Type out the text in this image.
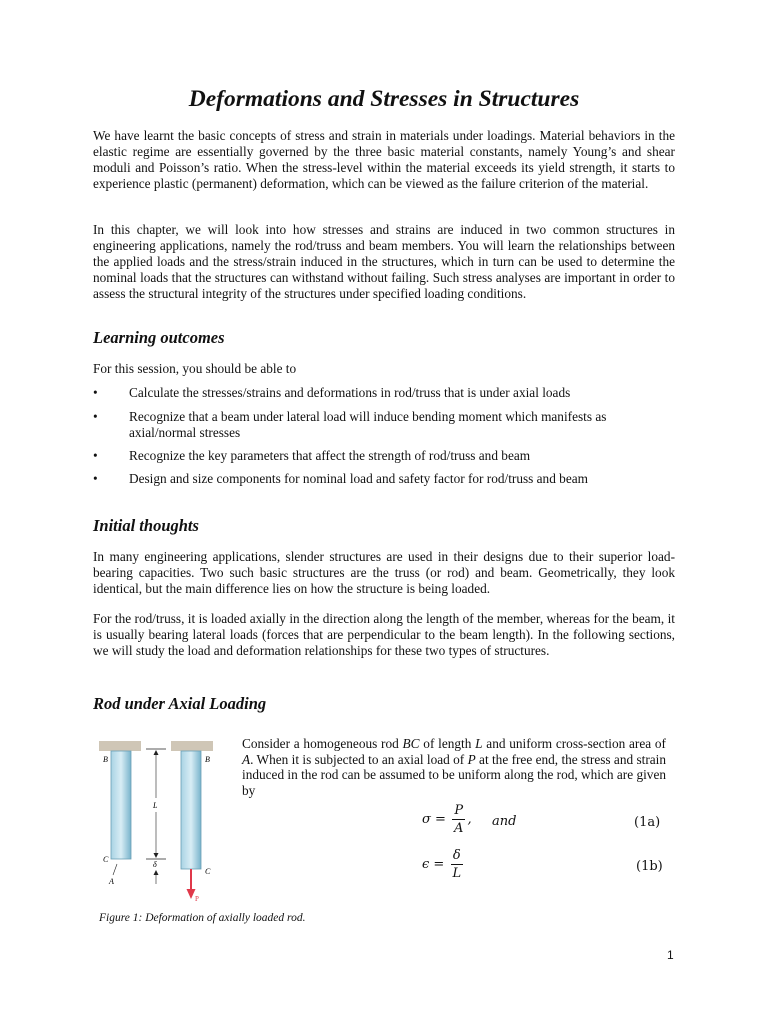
Deformations and Stresses in Structures

We have learnt the basic concepts of stress and strain in materials under loadings. Material behaviors in the elastic regime are essentially governed by the three basic material constants, namely Young’s and shear moduli and Poisson’s ratio. When the stress-level within the material exceeds its yield strength, it starts to experience plastic (permanent) deformation, which can be viewed as the failure criterion of the material.

In this chapter, we will look into how stresses and strains are induced in two common structures in engineering applications, namely the rod/truss and beam members. You will learn the relationships between the applied loads and the stress/strain induced in the structures, which in turn can be used to determine the nominal loads that the structures can withstand without failing. Such stress analyses are important in order to assess the structural integrity of the structures under specified loading conditions.

Learning outcomes

For this session, you should be able to

• Calculate the stresses/strains and deformations in rod/truss that is under axial loads
• Recognize that a beam under lateral load will induce bending moment which manifests as axial/normal stresses
• Recognize the key parameters that affect the strength of rod/truss and beam
• Design and size components for nominal load and safety factor for rod/truss and beam
Initial thoughts

In many engineering applications, slender structures are used in their designs due to their superior load-bearing capacities. Two such basic structures are the truss (or rod) and beam. Geometrically, they look identical, but the main difference lies on how the structure is being loaded.

For the rod/truss, it is loaded axially in the direction along the length of the member, whereas for the beam, it is usually bearing lateral loads (forces that are perpendicular to the beam length). In the following sections, we will study the load and deformation relationships for these two types of structures.

Rod under Axial Loading
B	B
C
C
A
L
δ
P

Consider a homogeneous rod BC of length L and uniform cross-section area of A. When it is subjected to an axial load of P at the free end, the stress and strain induced in the rod can be assumed to be uniform along the rod, which are given by

$\sigma = \frac{P}{A}$ , and	(1a)
$\epsilon = \frac{\delta}{L}$	(1b)

Figure 1: Deformation of axially loaded rod.

1
